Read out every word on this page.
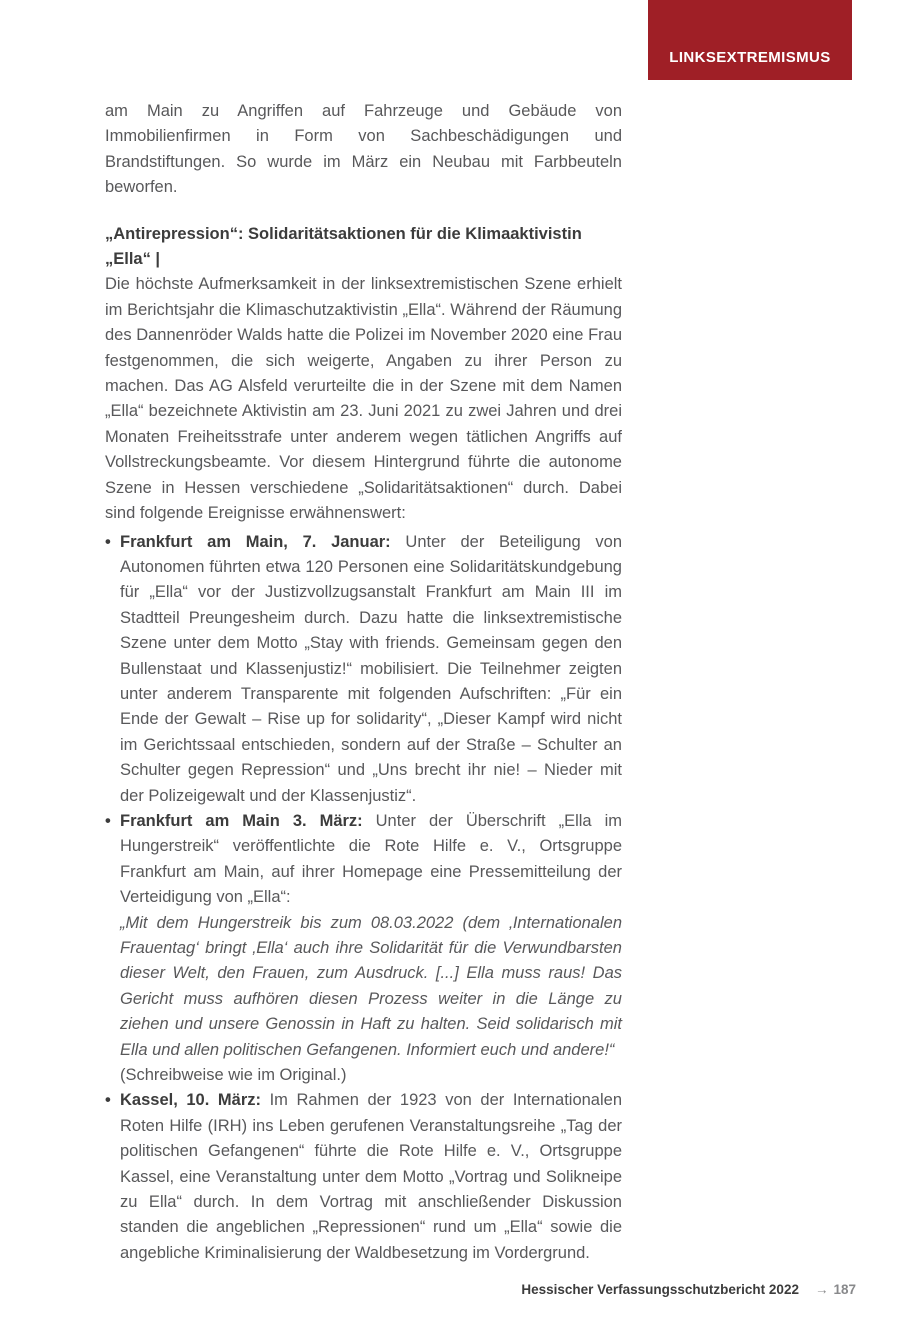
LINKSEXTREMISMUS

am Main zu Angriffen auf Fahrzeuge und Gebäude von Immobilienfirmen in Form von Sachbeschädigungen und Brandstiftungen. So wurde im März ein Neubau mit Farbbeuteln beworfen.

„Antirepression“: Solidaritätsaktionen für die Klimaaktivistin „Ella“ |

Die höchste Aufmerksamkeit in der linksextremistischen Szene erhielt im Berichtsjahr die Klimaschutzaktivistin „Ella“. Während der Räumung des Dannenröder Walds hatte die Polizei im November 2020 eine Frau festgenommen, die sich weigerte, Angaben zu ihrer Person zu machen. Das AG Alsfeld verurteilte die in der Szene mit dem Namen „Ella“ bezeichnete Aktivistin am 23. Juni 2021 zu zwei Jahren und drei Monaten Freiheitsstrafe unter anderem wegen tätlichen Angriffs auf Vollstreckungsbeamte. Vor diesem Hintergrund führte die autonome Szene in Hessen verschiedene „Solidaritätsaktionen“ durch. Dabei sind folgende Ereignisse erwähnenswert:

• Frankfurt am Main, 7. Januar: Unter der Beteiligung von Autonomen führten etwa 120 Personen eine Solidaritätskundgebung für „Ella“ vor der Justizvollzugsanstalt Frankfurt am Main III im Stadtteil Preungesheim durch. Dazu hatte die linksextremistische Szene unter dem Motto „Stay with friends. Gemeinsam gegen den Bullenstaat und Klassenjustiz!“ mobilisiert. Die Teilnehmer zeigten unter anderem Transparente mit folgenden Aufschriften: „Für ein Ende der Gewalt – Rise up for solidarity“, „Dieser Kampf wird nicht im Gerichtssaal entschieden, sondern auf der Straße – Schulter an Schulter gegen Repression“ und „Uns brecht ihr nie! – Nieder mit der Polizeigewalt und der Klassenjustiz“.
• Frankfurt am Main 3. März: Unter der Überschrift „Ella im Hungerstreik“ veröffentlichte die Rote Hilfe e. V., Ortsgruppe Frankfurt am Main, auf ihrer Homepage eine Pressemitteilung der Verteidigung von „Ella“:
„Mit dem Hungerstreik bis zum 08.03.2022 (dem ‚Internationalen Frauentag‘ bringt ‚Ella‘ auch ihre Solidarität für die Verwundbarsten dieser Welt, den Frauen, zum Ausdruck. [...] Ella muss raus! Das Gericht muss aufhören diesen Prozess weiter in die Länge zu ziehen und unsere Genossin in Haft zu halten. Seid solidarisch mit Ella und allen politischen Gefangenen. Informiert euch und andere!“
(Schreibweise wie im Original.)
• Kassel, 10. März: Im Rahmen der 1923 von der Internationalen Roten Hilfe (IRH) ins Leben gerufenen Veranstaltungsreihe „Tag der politischen Gefangenen“ führte die Rote Hilfe e. V., Ortsgruppe Kassel, eine Veranstaltung unter dem Motto „Vortrag und Solikneipe zu Ella“ durch. In dem Vortrag mit anschließender Diskussion standen die angeblichen „Repressionen“ rund um „Ella“ sowie die angebliche Kriminalisierung der Waldbesetzung im Vordergrund.
Hessischer Verfassungsschutzbericht 2022 → 187
